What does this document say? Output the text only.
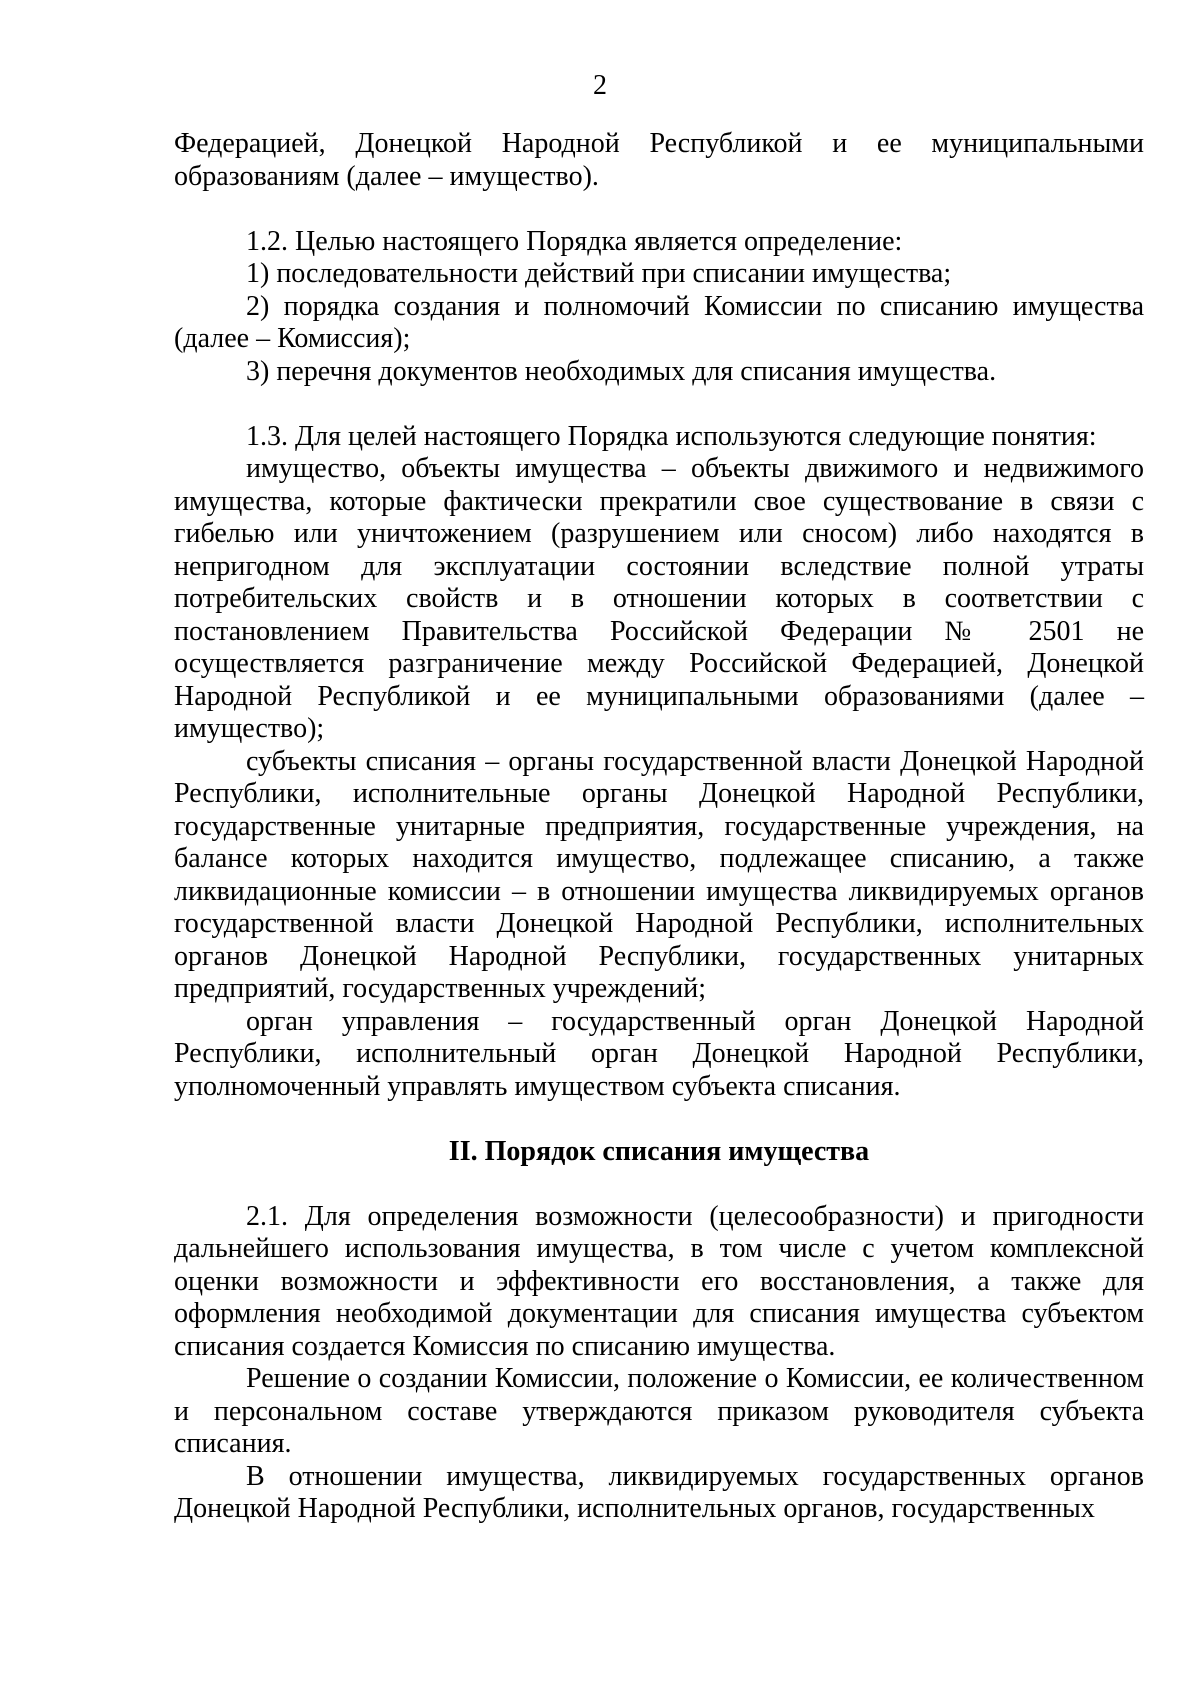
2

Федерацией, Донецкой Народной Республикой и ее муниципальными образованиям (далее – имущество).

1.2. Целью настоящего Порядка является определение:

1) последовательности действий при списании имущества;

2) порядка создания и полномочий Комиссии по списанию имущества (далее – Комиссия);

3) перечня документов необходимых для списания имущества.

1.3. Для целей настоящего Порядка используются следующие понятия:

имущество, объекты имущества – объекты движимого и недвижимого имущества, которые фактически прекратили свое существование в связи с гибелью или уничтожением (разрушением или сносом) либо находятся в непригодном для эксплуатации состоянии вследствие полной утраты потребительских свойств и в отношении которых в соответствии с постановлением Правительства Российской Федерации № 2501 не осуществляется разграничение между Российской Федерацией, Донецкой Народной Республикой и ее муниципальными образованиями (далее – имущество);

субъекты списания – органы государственной власти Донецкой Народной Республики, исполнительные органы Донецкой Народной Республики, государственные унитарные предприятия, государственные учреждения, на балансе которых находится имущество, подлежащее списанию, а также ликвидационные комиссии – в отношении имущества ликвидируемых органов государственной власти Донецкой Народной Республики, исполнительных органов Донецкой Народной Республики, государственных унитарных предприятий, государственных учреждений;

орган управления – государственный орган Донецкой Народной Республики, исполнительный орган Донецкой Народной Республики, уполномоченный управлять имуществом субъекта списания.

II. Порядок списания имущества

2.1. Для определения возможности (целесообразности) и пригодности дальнейшего использования имущества, в том числе с учетом комплексной оценки возможности и эффективности его восстановления, а также для оформления необходимой документации для списания имущества субъектом списания создается Комиссия по списанию имущества.

Решение о создании Комиссии, положение о Комиссии, ее количественном и персональном составе утверждаются приказом руководителя субъекта списания.

В отношении имущества, ликвидируемых государственных органов Донецкой Народной Республики, исполнительных органов, государственных
